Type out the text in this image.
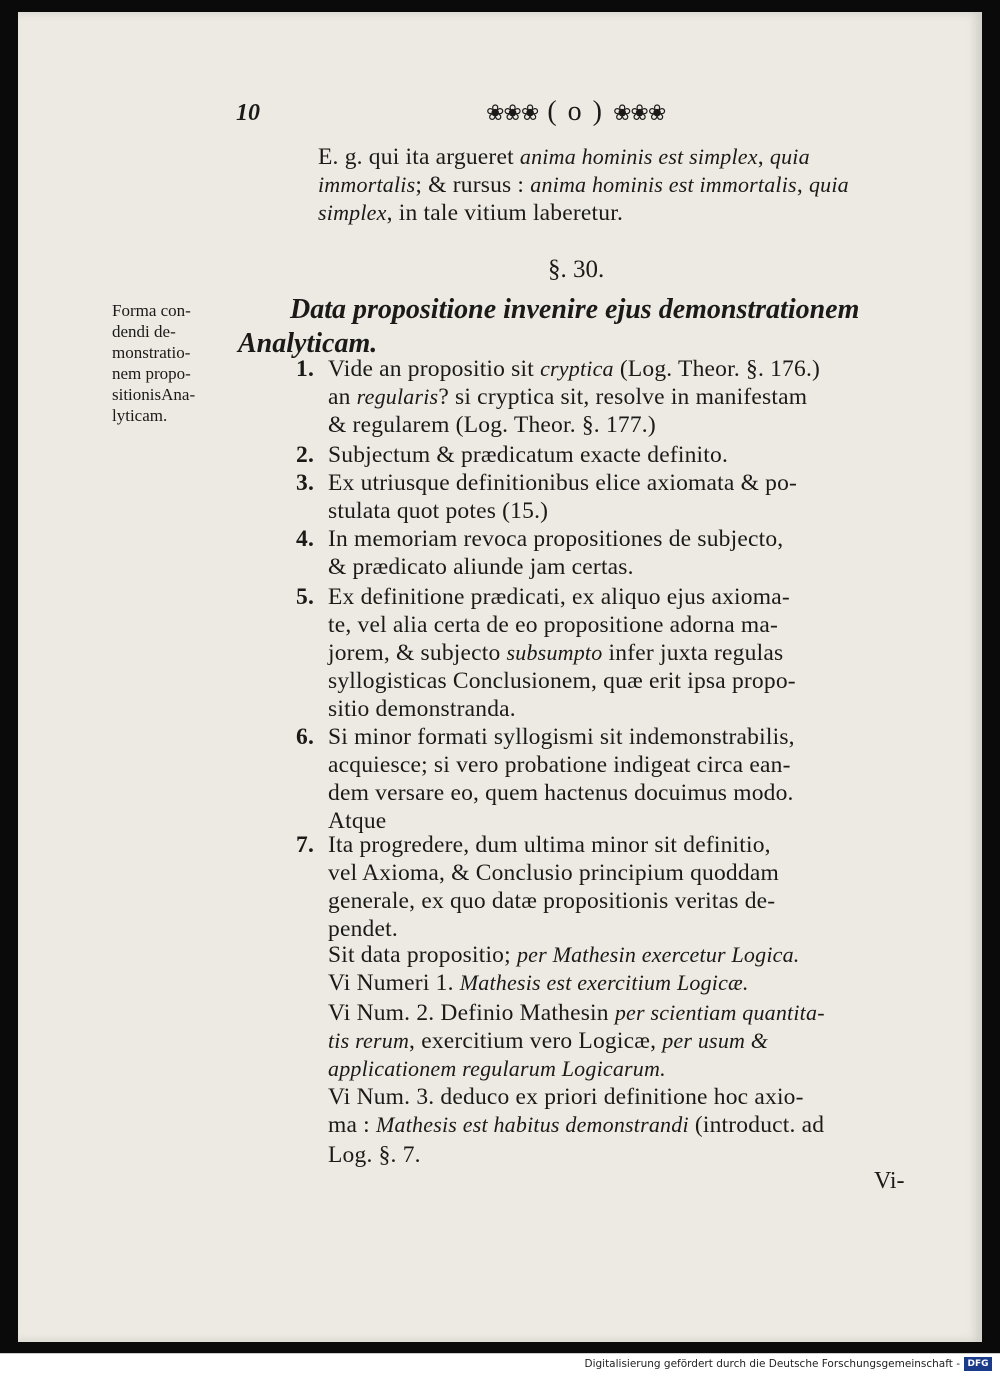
10	❀❀❀ ( o ) ❀❀❀
§. 30.
Data propositione invenire ejus demonstrationem
Analyticam.
Forma con-
dendi de-
monstratio-
nem propo-
sitionisAna-
lyticam.
Vi-
E. g. qui ita argueret anima hominis est simplex, quia
immortalis; & rursus : anima hominis est immortalis, quia
simplex, in tale vitium laberetur.
1. Vide an propositio sit cryptica (Log. Theor. §. 176.)
an regularis? si cryptica sit, resolve in manifestam
& regularem (Log. Theor. §. 177.)
2. Subjectum & prædicatum exacte definito.
3. Ex utriusque definitionibus elice axiomata & po-
stulata quot potes (15.)
4. In memoriam revoca propositiones de subjecto,
& prædicato aliunde jam certas.
5. Ex definitione prædicati, ex aliquo ejus axioma-
te, vel alia certa de eo propositione adorna ma-
jorem, & subjecto subsumpto infer juxta regulas
syllogisticas Conclusionem, quæ erit ipsa propo-
sitio demonstranda.
6. Si minor formati syllogismi sit indemonstrabilis,
acquiesce; si vero probatione indigeat circa ean-
dem versare eo, quem hactenus docuimus modo.
Atque
7. Ita progredere, dum ultima minor sit definitio,
vel Axioma, & Conclusio principium quoddam
generale, ex quo datæ propositionis veritas de-
pendet.
Sit data propositio; per Mathesin exercetur Logica.
Vi Numeri 1. Mathesis est exercitium Logicæ.
Vi Num. 2. Definio Mathesin per scientiam quantita-
tis rerum, exercitium vero Logicæ, per usum &
applicationem regularum Logicarum.
Vi Num. 3. deduco ex priori definitione hoc axio-
ma : Mathesis est habitus demonstrandi (introduct. ad
Log. §. 7.
Digitalisierung gefördert durch die Deutsche Forschungsgemeinschaft - DFG
